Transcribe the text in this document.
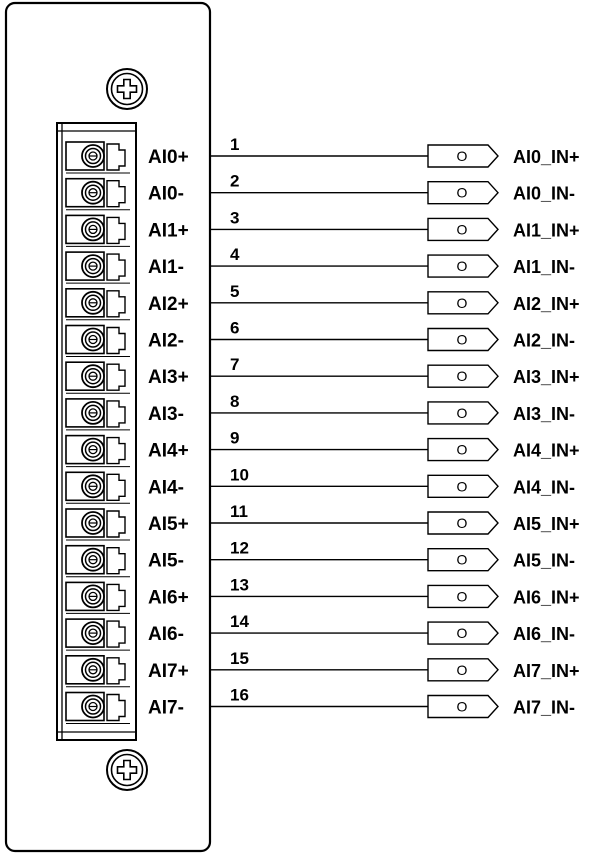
AI0+
1
O	AI0_IN+
AI0-
2
O	AI0_IN-
AI1+
3
O	AI1_IN+
AI1-
4
O	AI1_IN-
AI2+
5
O	AI2_IN+
AI2-
6
O	AI2_IN-
AI3+
7
O	AI3_IN+
AI3-
8
O	AI3_IN-
AI4+
9
O	AI4_IN+
AI4-
10
O	AI4_IN-
AI5+
11
O	AI5_IN+
AI5-
12
O	AI5_IN-
AI6+
13
O	AI6_IN+
AI6-
14
O	AI6_IN-
AI7+
15
O	AI7_IN+
AI7-
16
O	AI7_IN-
